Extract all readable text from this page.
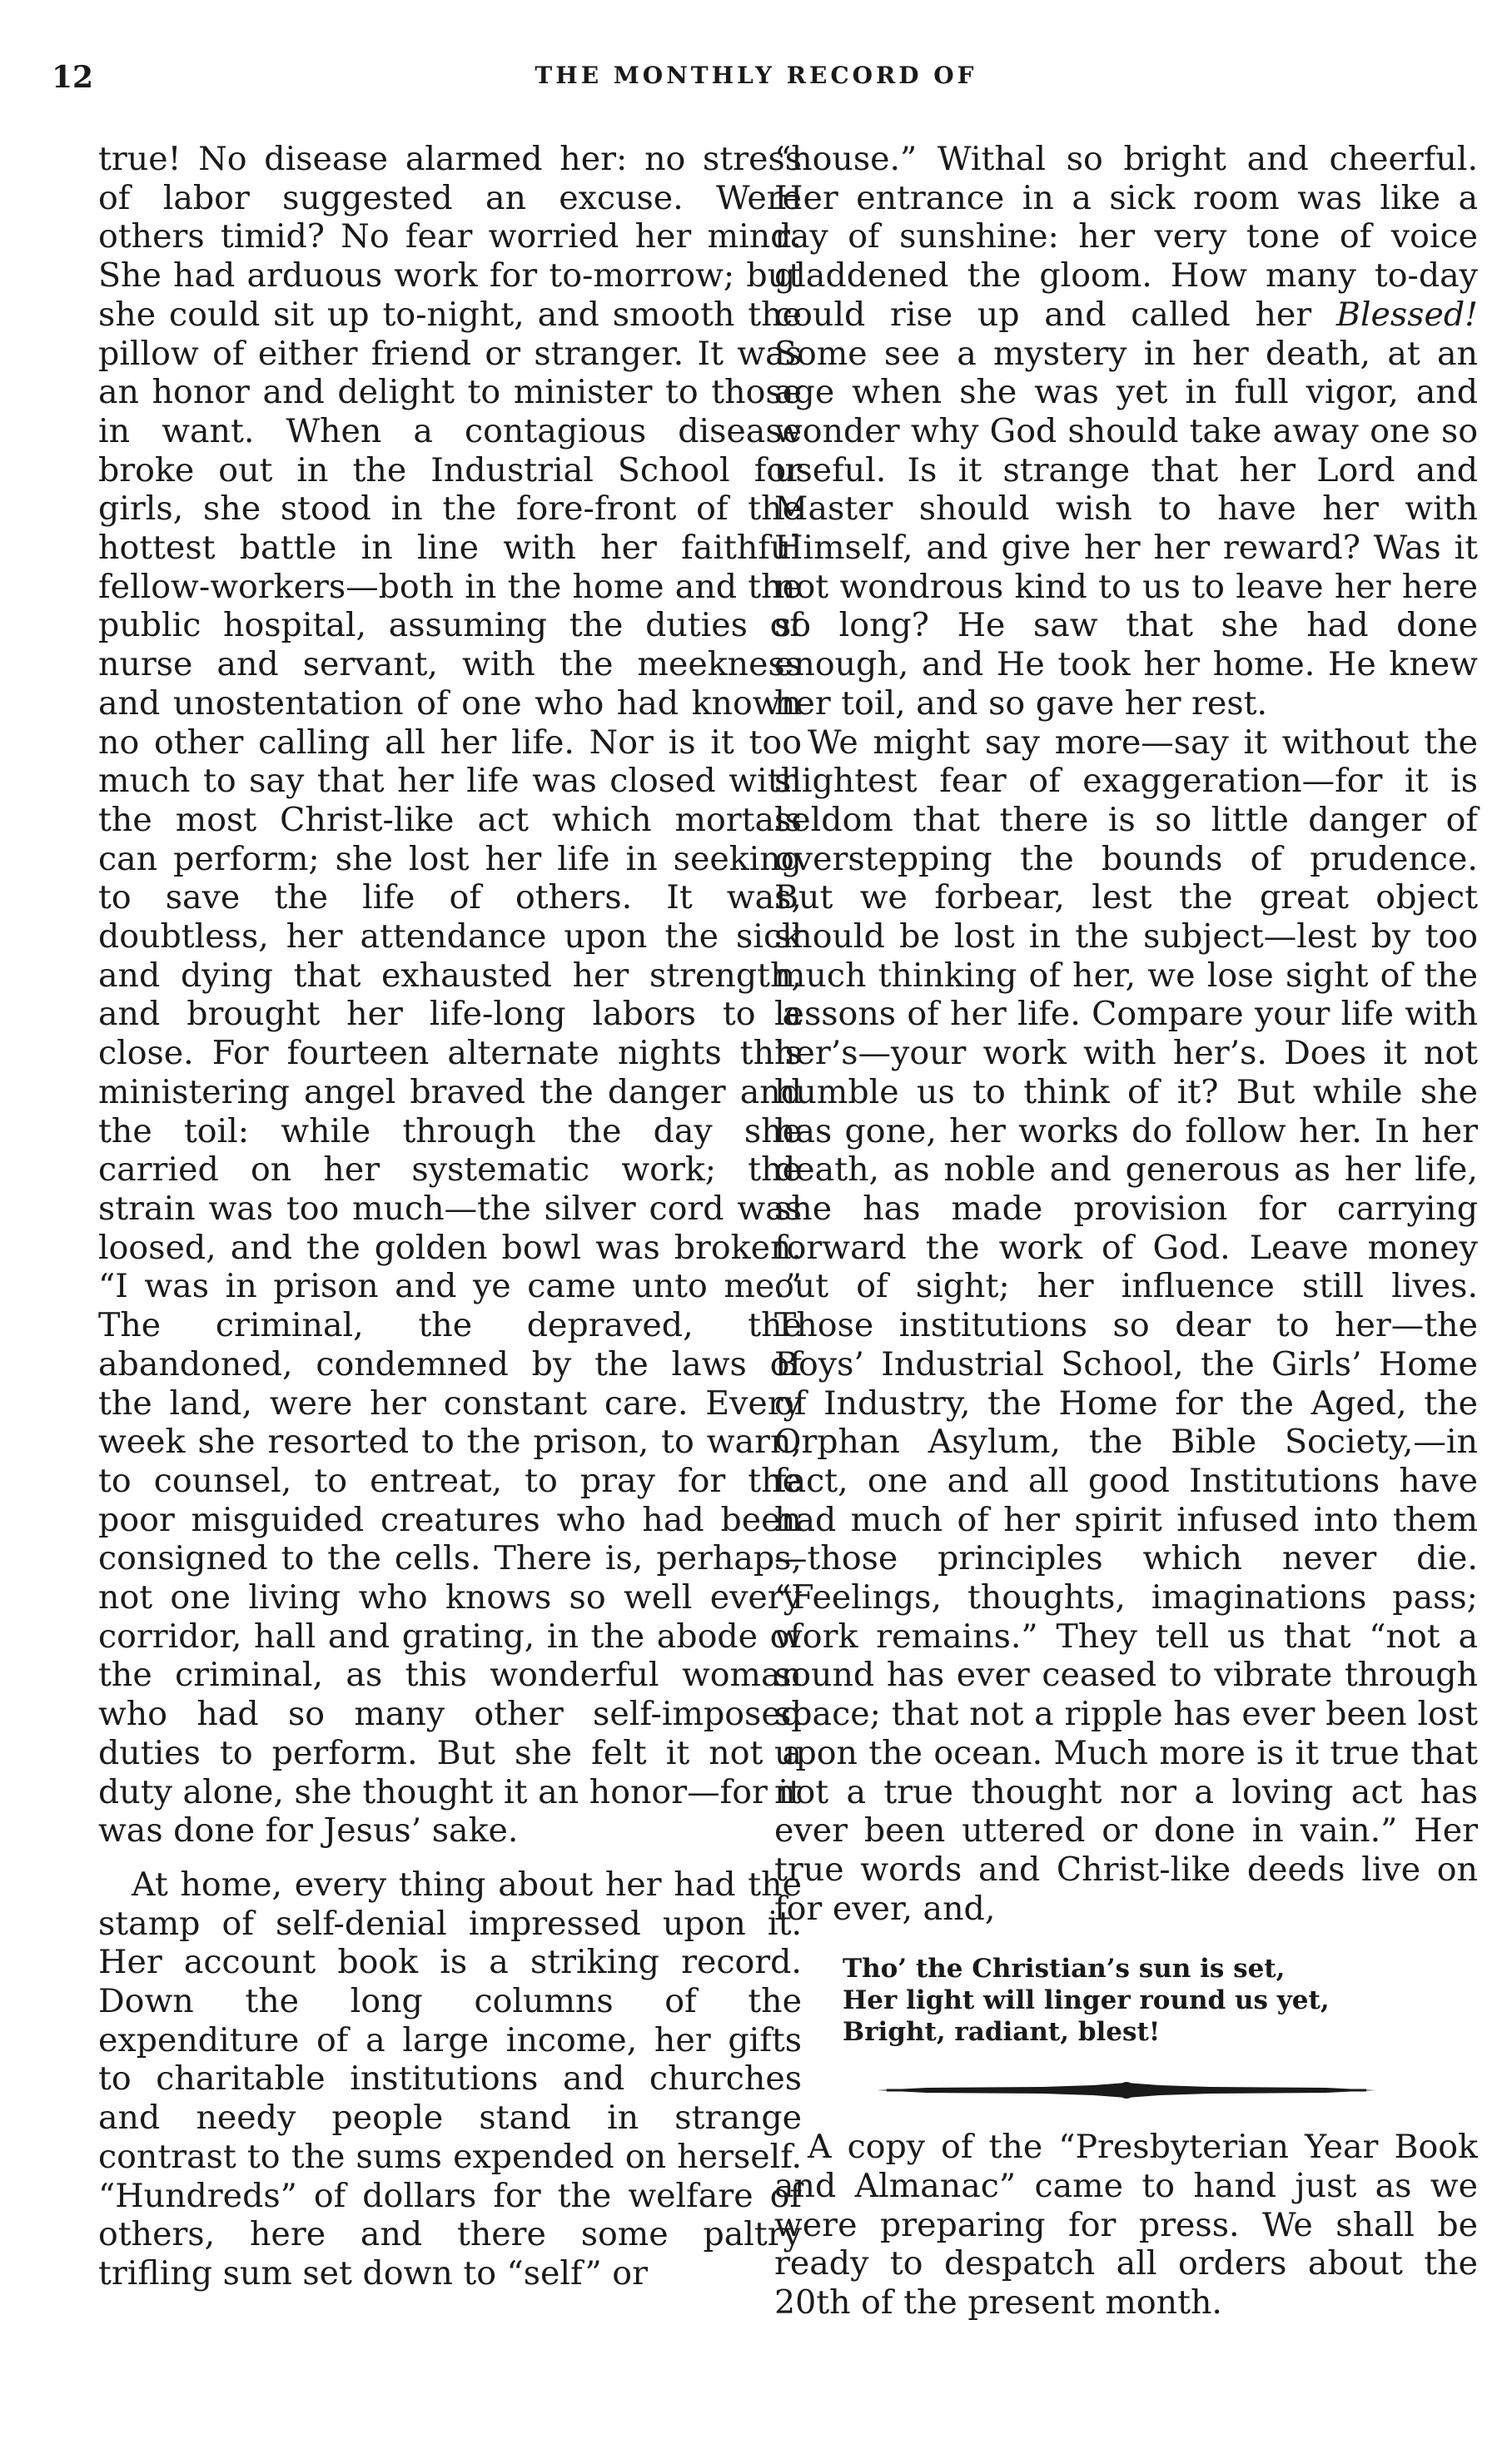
12	THE MONTHLY RECORD OF

true! No disease alarmed her: no stress of labor suggested an excuse. Were others timid? No fear worried her mind. She had arduous work for to-morrow; but she could sit up to-night, and smooth the pillow of either friend or stranger. It was an honor and delight to minister to those in want. When a contagious disease broke out in the Industrial School for girls, she stood in the fore-front of the hottest battle in line with her faithful fellow-workers—both in the home and the public hospital, assuming the duties of nurse and servant, with the meekness and unostentation of one who had known no other calling all her life. Nor is it too much to say that her life was closed with the most Christ-like act which mortals can perform; she lost her life in seeking to save the life of others. It was, doubtless, her attendance upon the sick and dying that exhausted her strength, and brought her life-long labors to a close. For fourteen alternate nights this ministering angel braved the danger and the toil: while through the day she carried on her systematic work; the strain was too much—the silver cord was loosed, and the golden bowl was broken. “I was in prison and ye came unto me.” The criminal, the depraved, the abandoned, condemned by the laws of the land, were her constant care. Every week she resorted to the prison, to warn, to counsel, to entreat, to pray for the poor misguided creatures who had been consigned to the cells. There is, perhaps, not one living who knows so well every corridor, hall and grating, in the abode of the criminal, as this wonderful woman who had so many other self-imposed duties to perform. But she felt it not a duty alone, she thought it an honor—for it was done for Jesus’ sake.

At home, every thing about her had the stamp of self-denial impressed upon it. Her account book is a striking record. Down the long columns of the expenditure of a large income, her gifts to charitable institutions and churches and needy people stand in strange contrast to the sums expended on herself. “Hundreds” of dollars for the welfare of others, here and there some paltry trifling sum set down to “self” or

“house.” Withal so bright and cheerful. Her entrance in a sick room was like a ray of sunshine: her very tone of voice gladdened the gloom. How many to-day could rise up and called her Blessed! Some see a mystery in her death, at an age when she was yet in full vigor, and wonder why God should take away one so useful. Is it strange that her Lord and Master should wish to have her with Himself, and give her her reward? Was it not wondrous kind to us to leave her here so long? He saw that she had done enough, and He took her home. He knew her toil, and so gave her rest.

We might say more—say it without the slightest fear of exaggeration—for it is seldom that there is so little danger of overstepping the bounds of prudence. But we forbear, lest the great object should be lost in the subject—lest by too much thinking of her, we lose sight of the lessons of her life. Compare your life with her’s—your work with her’s. Does it not humble us to think of it? But while she has gone, her works do follow her. In her death, as noble and generous as her life, she has made provision for carrying forward the work of God. Leave money out of sight; her influence still lives. Those institutions so dear to her—the Boys’ Industrial School, the Girls’ Home of Industry, the Home for the Aged, the Orphan Asylum, the Bible Society,—in fact, one and all good Institutions have had much of her spirit infused into them—those principles which never die. “Feelings, thoughts, imaginations pass; work remains.” They tell us that “not a sound has ever ceased to vibrate through space; that not a ripple has ever been lost upon the ocean. Much more is it true that not a true thought nor a loving act has ever been uttered or done in vain.” Her true words and Christ-like deeds live on for ever, and,

Tho’ the Christian’s sun is set,
Her light will linger round us yet,
Bright, radiant, blest!

A copy of the “Presbyterian Year Book and Almanac” came to hand just as we were preparing for press. We shall be ready to despatch all orders about the 20th of the present month.
